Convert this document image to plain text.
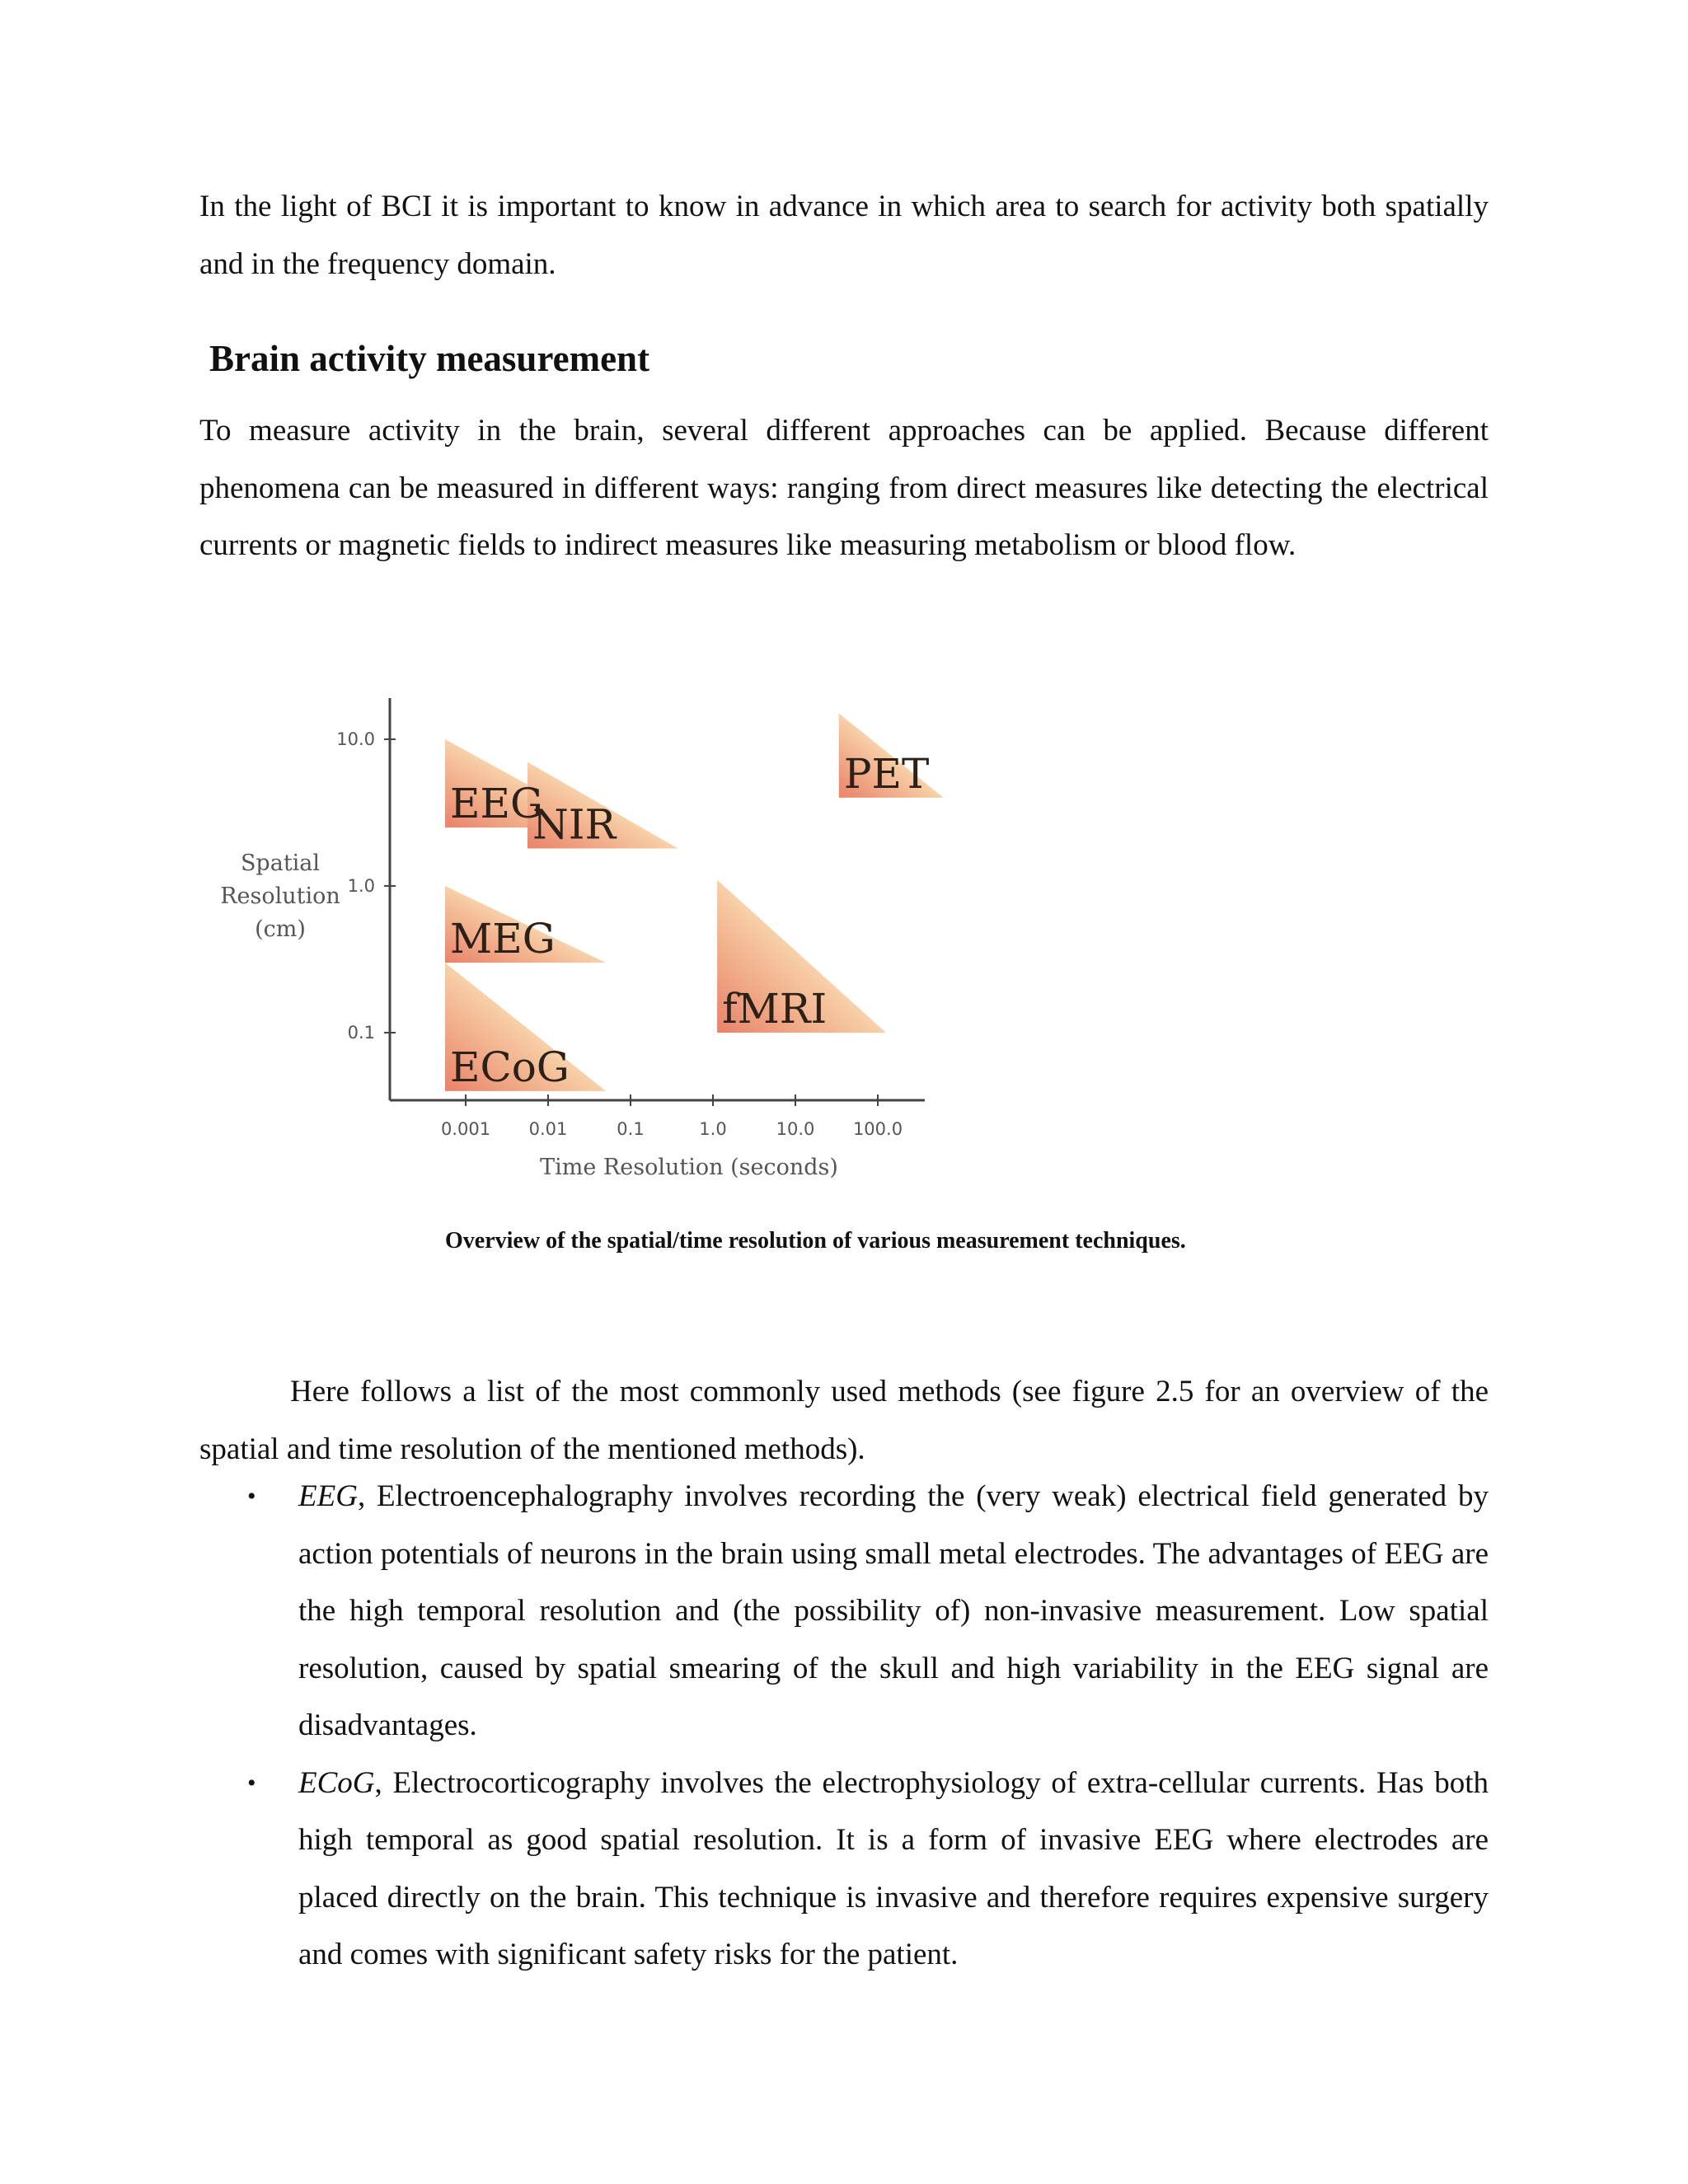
In the light of BCI it is important to know in advance in which area to search for activity both spatially and in the frequency domain.

Brain activity measurement

To measure activity in the brain, several different approaches can be applied. Because different phenomena can be measured in different ways: ranging from direct measures like detecting the electrical currents or magnetic fields to indirect measures like measuring metabolism or blood flow.

0.001 0.01	0.1	1.0	10.0 100.0
10.0
1.0
0.1
EEG
NIR
PET
MEG
ECoG
fMRI
Time Resolution (seconds)
Spatial
Resolution
(cm)

Overview of the spatial/time resolution of various measurement techniques.

Here follows a list of the most commonly used methods (see figure 2.5 for an overview of the spatial and time resolution of the mentioned methods).

• EEG, Electroencephalography involves recording the (very weak) electrical field generated by action potentials of neurons in the brain using small metal electrodes. The advantages of EEG are the high temporal resolution and (the possibility of) non-invasive measurement. Low spatial resolution, caused by spatial smearing of the skull and high variability in the EEG signal are disadvantages.
• ECoG, Electrocorticography involves the electrophysiology of extra-cellular currents. Has both high temporal as good spatial resolution. It is a form of invasive EEG where electrodes are placed directly on the brain. This technique is invasive and therefore requires expensive surgery and comes with significant safety risks for the patient.
